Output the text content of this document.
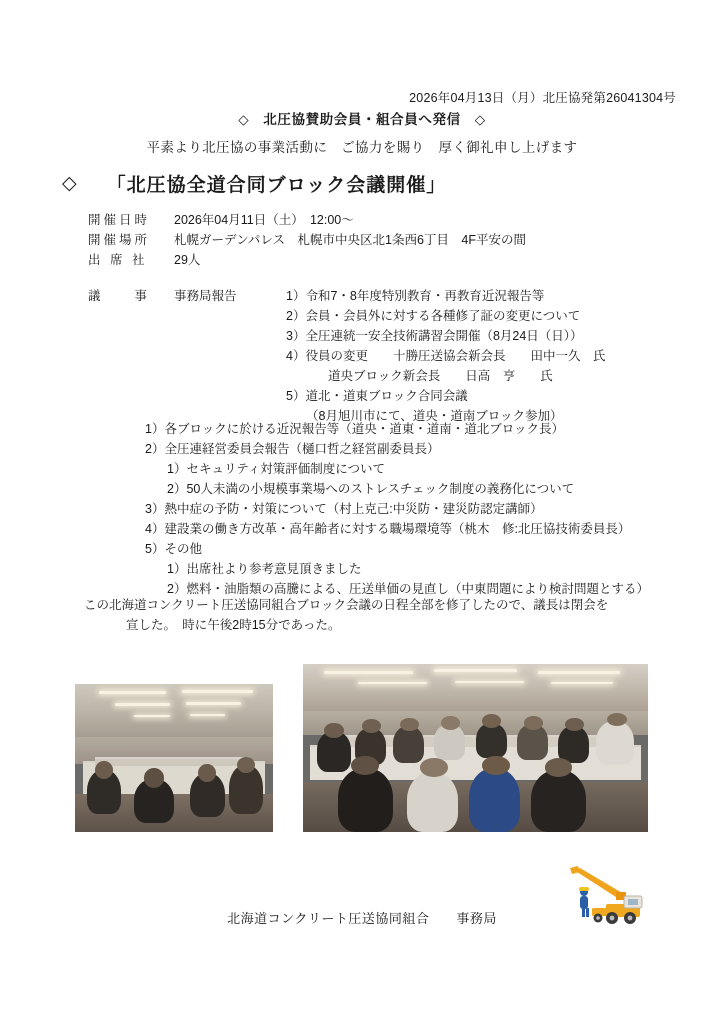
2026年04月13日（月）北圧協発第26041304号
◇　北圧協賛助会員・組合員へ発信　◇
平素より北圧協の事業活動に　ご協力を賜り　厚く御礼申し上げます
◇ 「北圧協全道合同ブロック会議開催」
開催日時	2026年04月11日（土）　12:00〜
開催場所	札幌ガーデンパレス　札幌市中央区北1条西6丁目　4F平安の間
出 席 社	29人
議　　事	事務局報告	1）令和7・8年度特別教育・再教育近況報告等
2）会員・会員外に対する各種修了証の変更について
3）全圧連統一安全技術講習会開催（8月24日（日））
4）役員の変更　　十勝圧送協会新会長　　田中一久　氏
道央ブロック新会長　　日高　亨　　氏
5）道北・道東ブロック合同会議
（8月旭川市にて、道央・道南ブロック参加）
1）各ブロックに於ける近況報告等（道央・道東・道南・道北ブロック長）
2）全圧連経営委員会報告（樋口哲之経営副委員長）
1）セキュリティ対策評価制度について
2）50人未満の小規模事業場へのストレスチェック制度の義務化について
3）熱中症の予防・対策について（村上克己:中災防・建災防認定講師）
4）建設業の働き方改革・高年齢者に対する職場環境等（桃木　修:北圧協技術委員長）
5）その他
1）出席社より参考意見頂きました
2）燃料・油脂類の高騰による、圧送単価の見直し（中東問題により検討問題とする）
この北海道コンクリート圧送協同組合ブロック会議の日程全部を修了したので、議長は閉会を
宣した。　時に午後2時15分であった。
北海道コンクリート圧送協同組合　　事務局
